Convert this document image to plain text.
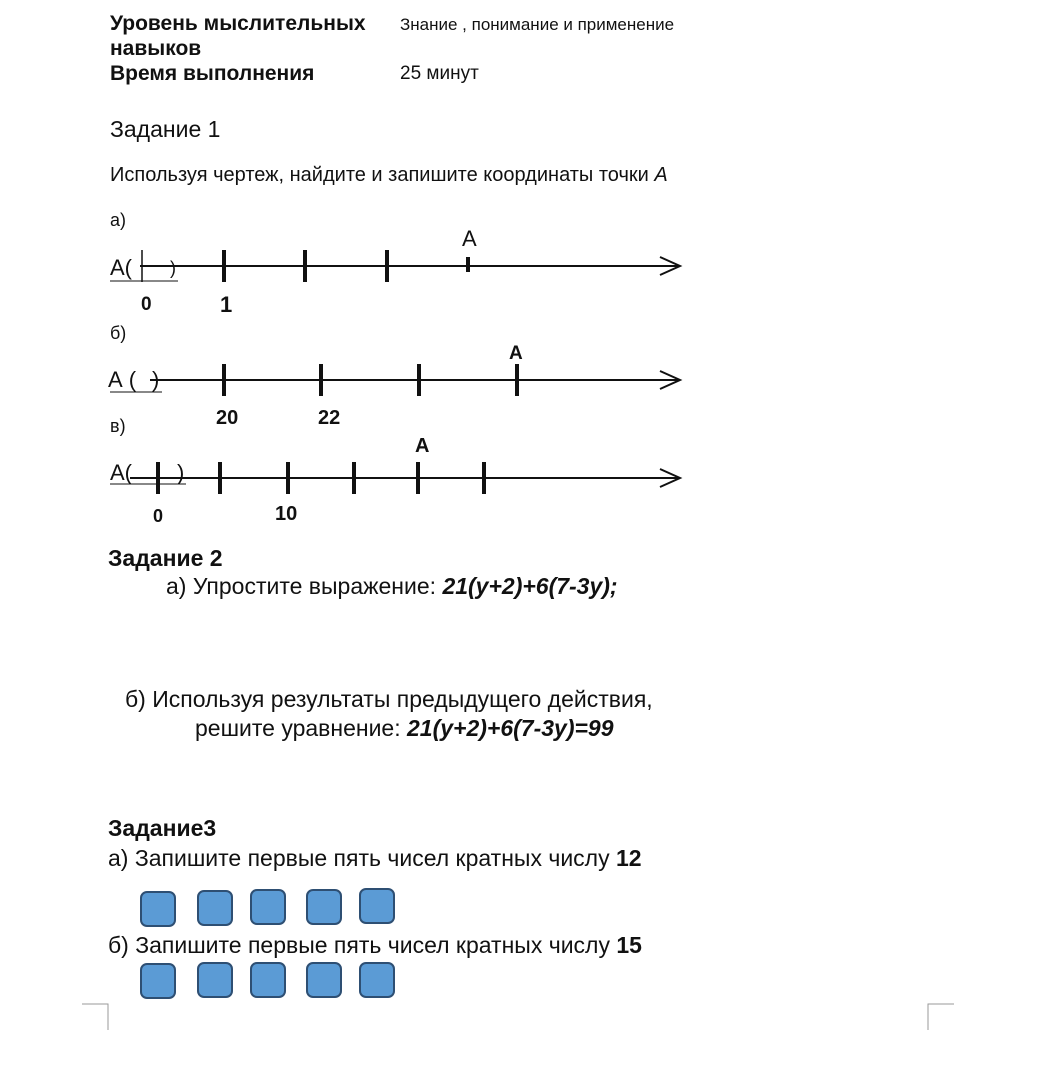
Уровень мыслительных
навыков
Знание , понимание и применение
Время выполнения	25 минут
Задание 1
Используя чертеж, найдите и запишите координаты точки А
а)
А( )
А
0	1
б)
А ( )
А
20	22
в)
А( )
А
0	10
Задание 2
а) Упростите выражение: 21(y+2)+6(7-3y);
б) Используя результаты предыдущего действия,
решите уравнение: 21(y+2)+6(7-3y)=99
Задание3
а) Запишите первые пять чисел кратных числу 12
б) Запишите первые пять чисел кратных числу 15
